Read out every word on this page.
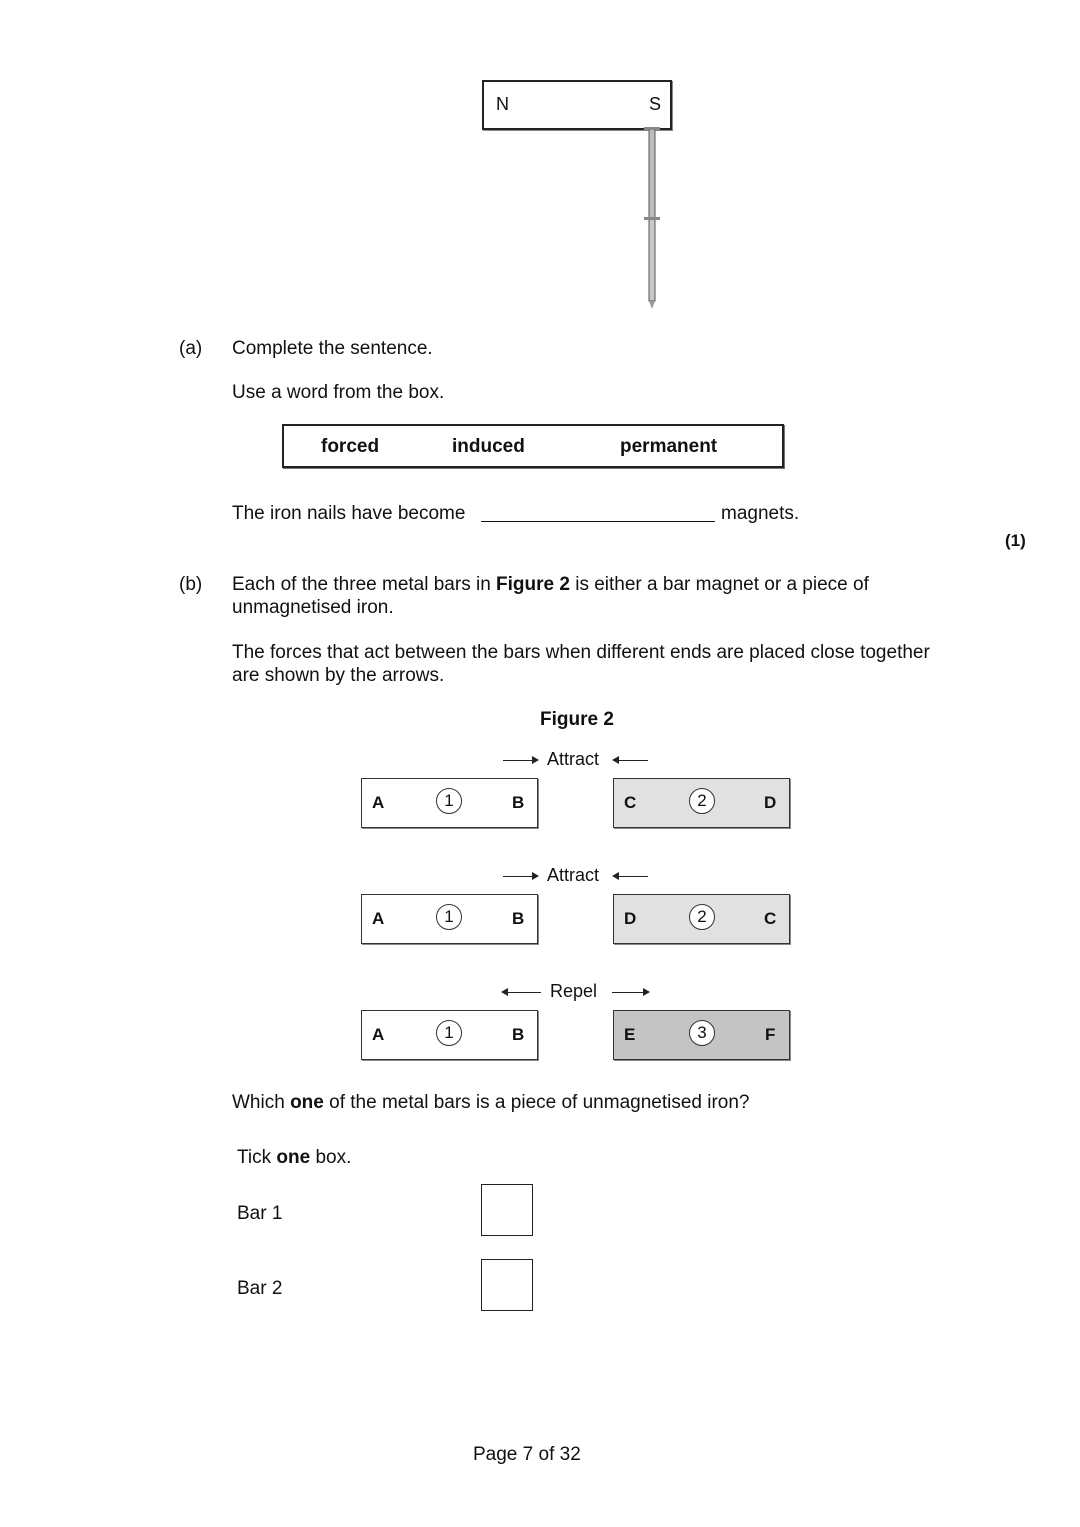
N	S
(a) Complete the sentence.
Use a word from the box.
forced	induced	permanent
The iron nails have become	magnets.
(1)
(b) Each of the three metal bars in Figure 2 is either a bar magnet or a piece of
unmagnetised iron.
The forces that act between the bars when different ends are placed close together
are shown by the arrows.
Figure 2
Attract
A	1	B	C	2	D
Attract
A	1	B	D	2	C
Repel
A	1	B	E	3	F
Which one of the metal bars is a piece of unmagnetised iron?
Tick one box.
Bar 1
Bar 2
Page 7 of 32
